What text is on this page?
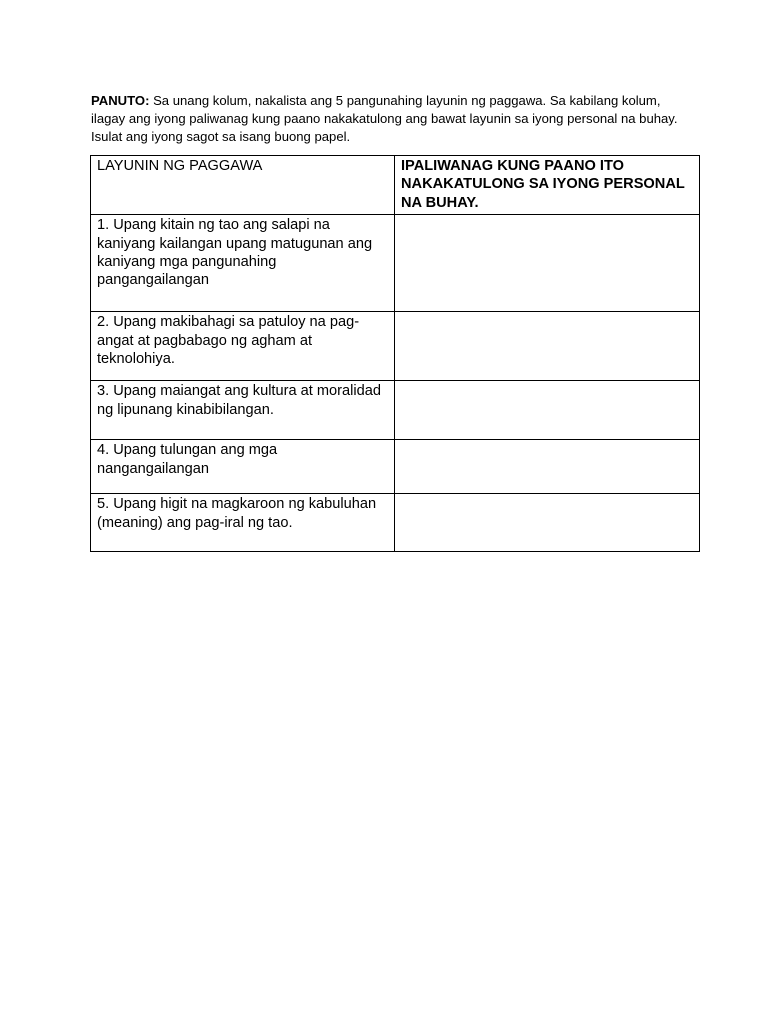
PANUTO: Sa unang kolum, nakalista ang 5 pangunahing layunin ng paggawa. Sa kabilang kolum, ilagay ang iyong paliwanag kung paano nakakatulong ang bawat layunin sa iyong personal na buhay. Isulat ang iyong sagot sa isang buong papel.
LAYUNIN NG PAGGAWA	IPALIWANAG KUNG PAANO ITO NAKAKATULONG SA IYONG PERSONAL NA BUHAY.
1. Upang kitain ng tao ang salapi na kaniyang kailangan upang matugunan ang kaniyang mga pangunahing pangangailangan	
2. Upang makibahagi sa patuloy na pag-angat at pagbabago ng agham at teknolohiya.	
3. Upang maiangat ang kultura at moralidad ng lipunang kinabibilangan.	
4. Upang tulungan ang mga nangangailangan	
5. Upang higit na magkaroon ng kabuluhan (meaning) ang pag-iral ng tao.	
